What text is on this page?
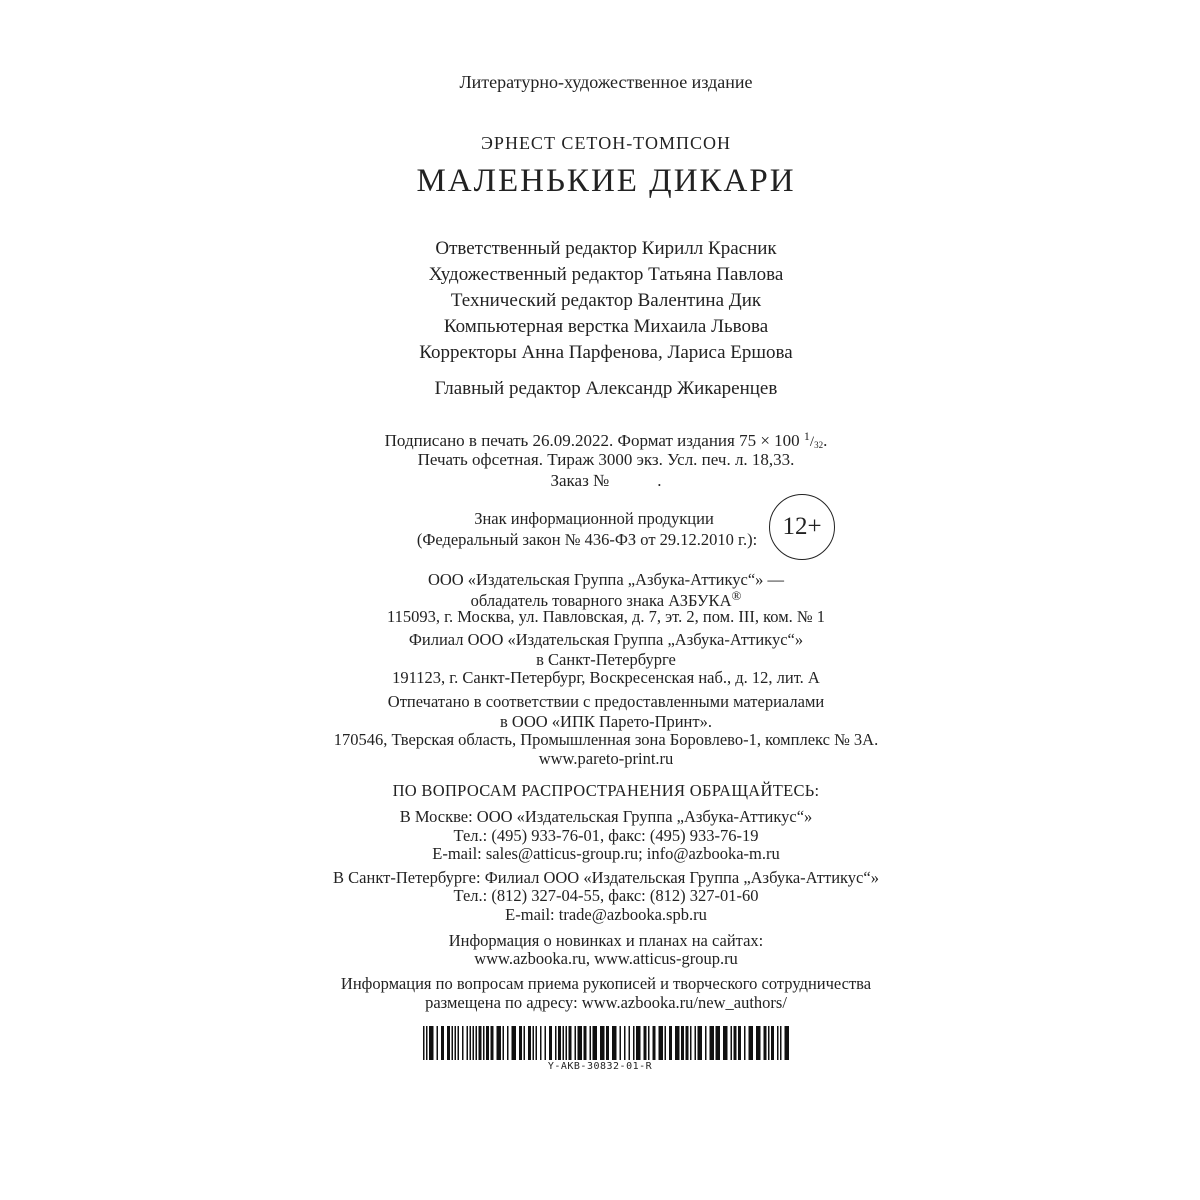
Литературно-художественное издание
ЭРНЕСТ СЕТОН-ТОМПСОН
МАЛЕНЬКИЕ ДИКАРИ
Ответственный редактор Кирилл Красник
Художественный редактор Татьяна Павлова
Технический редактор Валентина Дик
Компьютерная верстка Михаила Львова
Корректоры Анна Парфенова, Лариса Ершова
Главный редактор Александр Жикаренцев
Подписано в печать 26.09.2022. Формат издания 75 × 100 $^1$/32.
Печать офсетная. Тираж 3000 экз. Усл. печ. л. 18,33.
Заказ №	.
Знак информационной продукции
(Федеральный закон № 436-ФЗ от 29.12.2010 г.):	12+
ООО «Издательская Группа „Азбука-Аттикус“» —
обладатель товарного знака АЗБУКА®
115093, г. Москва, ул. Павловская, д. 7, эт. 2, пом. III, ком. № 1
Филиал ООО «Издательская Группа „Азбука-Аттикус“»
в Санкт-Петербурге
191123, г. Санкт-Петербург, Воскресенская наб., д. 12, лит. А
Отпечатано в соответствии с предоставленными материалами
в ООО «ИПК Парето-Принт».
170546, Тверская область, Промышленная зона Боровлево-1, комплекс № 3А.
www.pareto-print.ru
ПО ВОПРОСАМ РАСПРОСТРАНЕНИЯ ОБРАЩАЙТЕСЬ:
В Москве: ООО «Издательская Группа „Азбука-Аттикус“»
Тел.: (495) 933-76-01, факс: (495) 933-76-19
E-mail: sales@atticus-group.ru; info@azbooka-m.ru
В Санкт-Петербурге: Филиал ООО «Издательская Группа „Азбука-Аттикус“»
Тел.: (812) 327-04-55, факс: (812) 327-01-60
E-mail: trade@azbooka.spb.ru
Информация о новинках и планах на сайтах:
www.azbooka.ru, www.atticus-group.ru
Информация по вопросам приема рукописей и творческого сотрудничества
размещена по адресу: www.azbooka.ru/new_authors/
Y-AKB-30832-01-R
